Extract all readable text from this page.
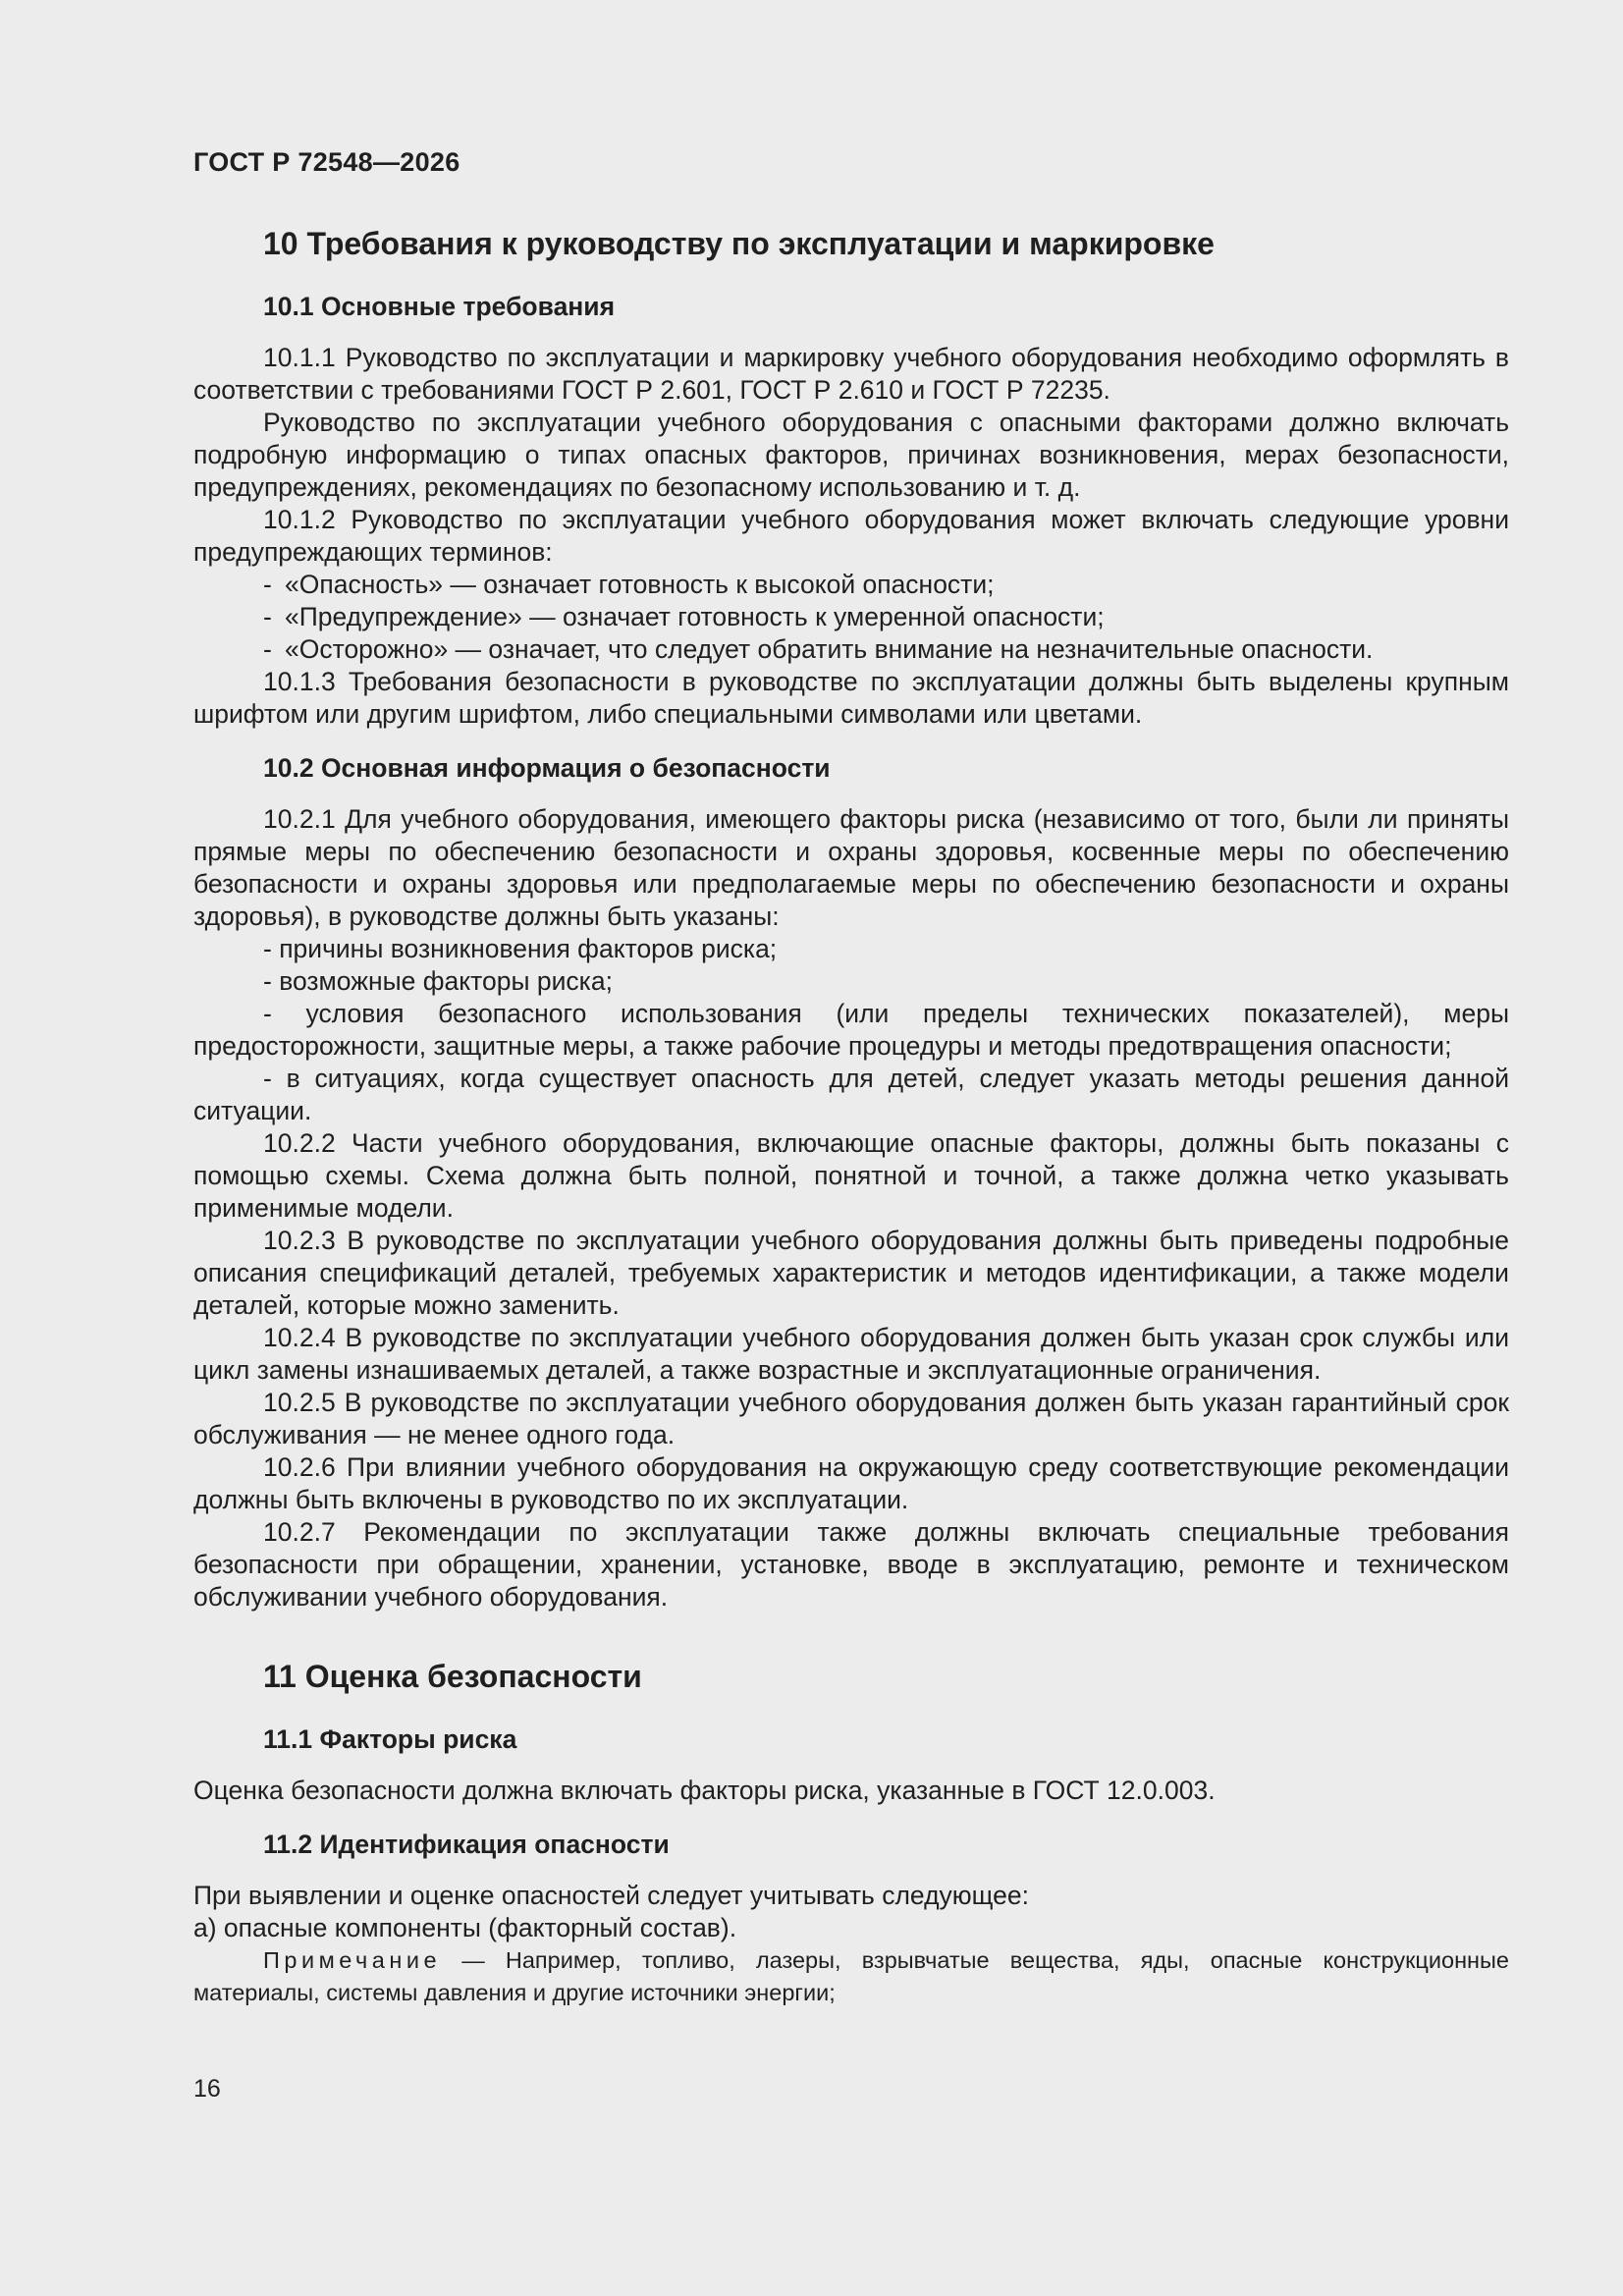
ГОСТ Р 72548—2026
10 Требования к руководству по эксплуатации и маркировке
10.1 Основные требования

10.1.1 Руководство по эксплуатации и маркировку учебного оборудования необходимо оформлять в соответствии с требованиями ГОСТ Р 2.601, ГОСТ Р 2.610 и ГОСТ Р 72235.

Руководство по эксплуатации учебного оборудования с опасными факторами должно включать подробную информацию о типах опасных факторов, причинах возникновения, мерах безопасности, предупреждениях, рекомендациях по безопасному использованию и т. д.

10.1.2 Руководство по эксплуатации учебного оборудования может включать следующие уровни предупреждающих терминов:

- «Опасность» — означает готовность к высокой опасности;

- «Предупреждение» — означает готовность к умеренной опасности;

- «Осторожно» — означает, что следует обратить внимание на незначительные опасности.

10.1.3 Требования безопасности в руководстве по эксплуатации должны быть выделены крупным шрифтом или другим шрифтом, либо специальными символами или цветами.

10.2 Основная информация о безопасности

10.2.1 Для учебного оборудования, имеющего факторы риска (независимо от того, были ли приняты прямые меры по обеспечению безопасности и охраны здоровья, косвенные меры по обеспечению безопасности и охраны здоровья или предполагаемые меры по обеспечению безопасности и охраны здоровья), в руководстве должны быть указаны:

- причины возникновения факторов риска;

- возможные факторы риска;

- условия безопасного использования (или пределы технических показателей), меры предосторожности, защитные меры, а также рабочие процедуры и методы предотвращения опасности;

- в ситуациях, когда существует опасность для детей, следует указать методы решения данной ситуации.

10.2.2 Части учебного оборудования, включающие опасные факторы, должны быть показаны с помощью схемы. Схема должна быть полной, понятной и точной, а также должна четко указывать применимые модели.

10.2.3 В руководстве по эксплуатации учебного оборудования должны быть приведены подробные описания спецификаций деталей, требуемых характеристик и методов идентификации, а также модели деталей, которые можно заменить.

10.2.4 В руководстве по эксплуатации учебного оборудования должен быть указан срок службы или цикл замены изнашиваемых деталей, а также возрастные и эксплуатационные ограничения.

10.2.5 В руководстве по эксплуатации учебного оборудования должен быть указан гарантийный срок обслуживания — не менее одного года.

10.2.6 При влиянии учебного оборудования на окружающую среду соответствующие рекомендации должны быть включены в руководство по их эксплуатации.

10.2.7 Рекомендации по эксплуатации также должны включать специальные требования безопасности при обращении, хранении, установке, вводе в эксплуатацию, ремонте и техническом обслуживании учебного оборудования.

11 Оценка безопасности
11.1 Факторы риска

Оценка безопасности должна включать факторы риска, указанные в ГОСТ 12.0.003.

11.2 Идентификация опасности

При выявлении и оценке опасностей следует учитывать следующее:

а) опасные компоненты (факторный состав).

Примечание — Например, топливо, лазеры, взрывчатые вещества, яды, опасные конструкционные материалы, системы давления и другие источники энергии;

16
